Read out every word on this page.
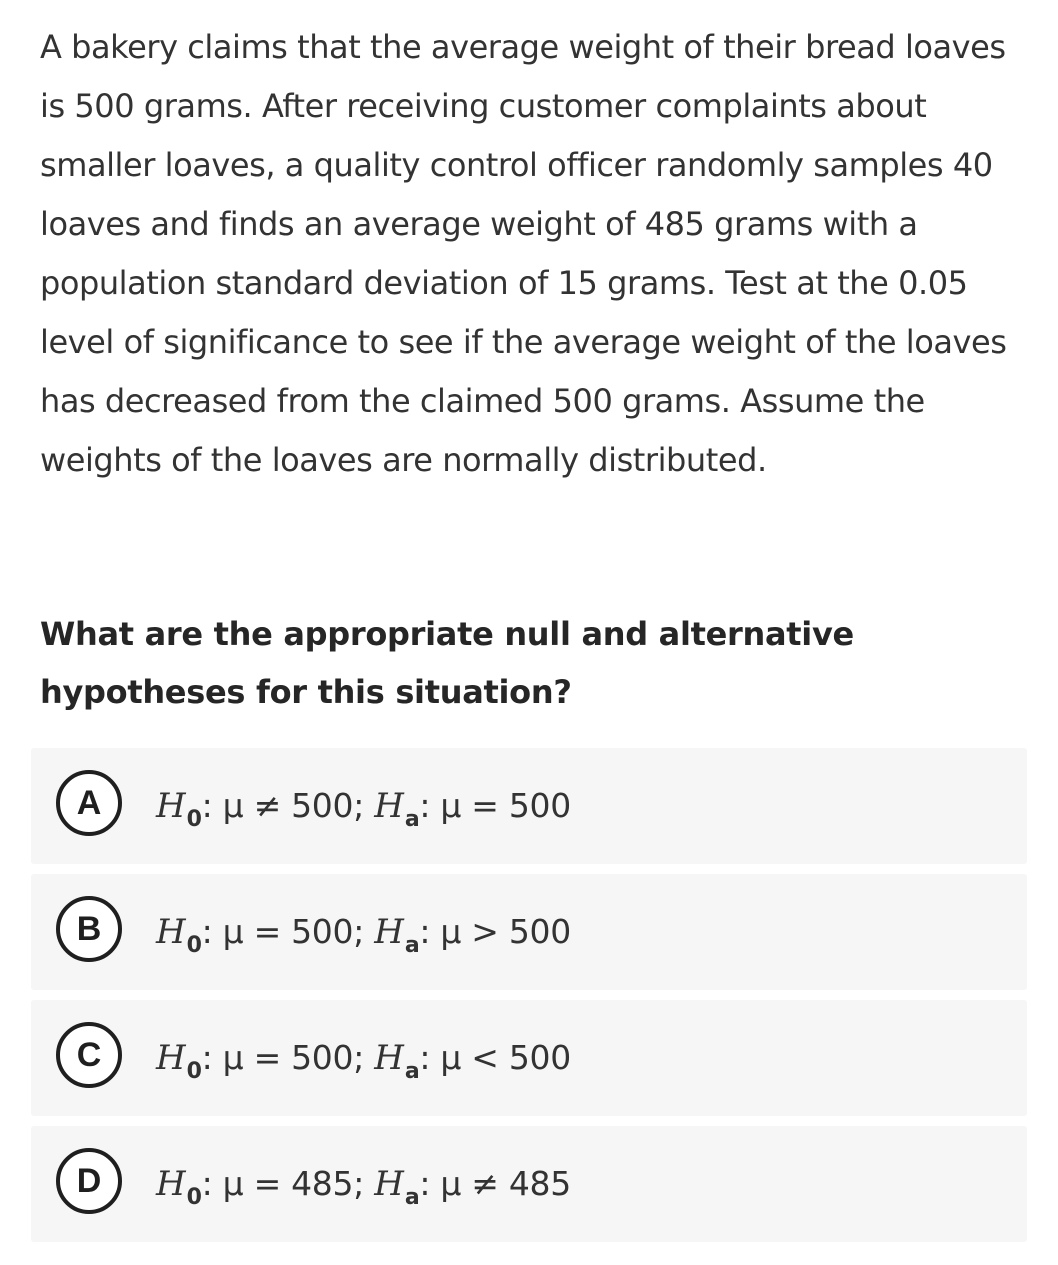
A bakery claims that the average weight of their bread loaves is 500 grams. After receiving customer complaints about smaller loaves, a quality control officer randomly samples 40 loaves and finds an average weight of 485 grams with a population standard deviation of 15 grams. Test at the 0.05 level of significance to see if the average weight of the loaves has decreased from the claimed 500 grams. Assume the weights of the loaves are normally distributed.

What are the appropriate null and alternative hypotheses for this situation?

A	$H_0$: μ ≠ 500; $H_a$: μ = 500
B	$H_0$: μ = 500; $H_a$: μ > 500
C	$H_0$: μ = 500; $H_a$: μ < 500
D	$H_0$: μ = 485; $H_a$: μ ≠ 485
